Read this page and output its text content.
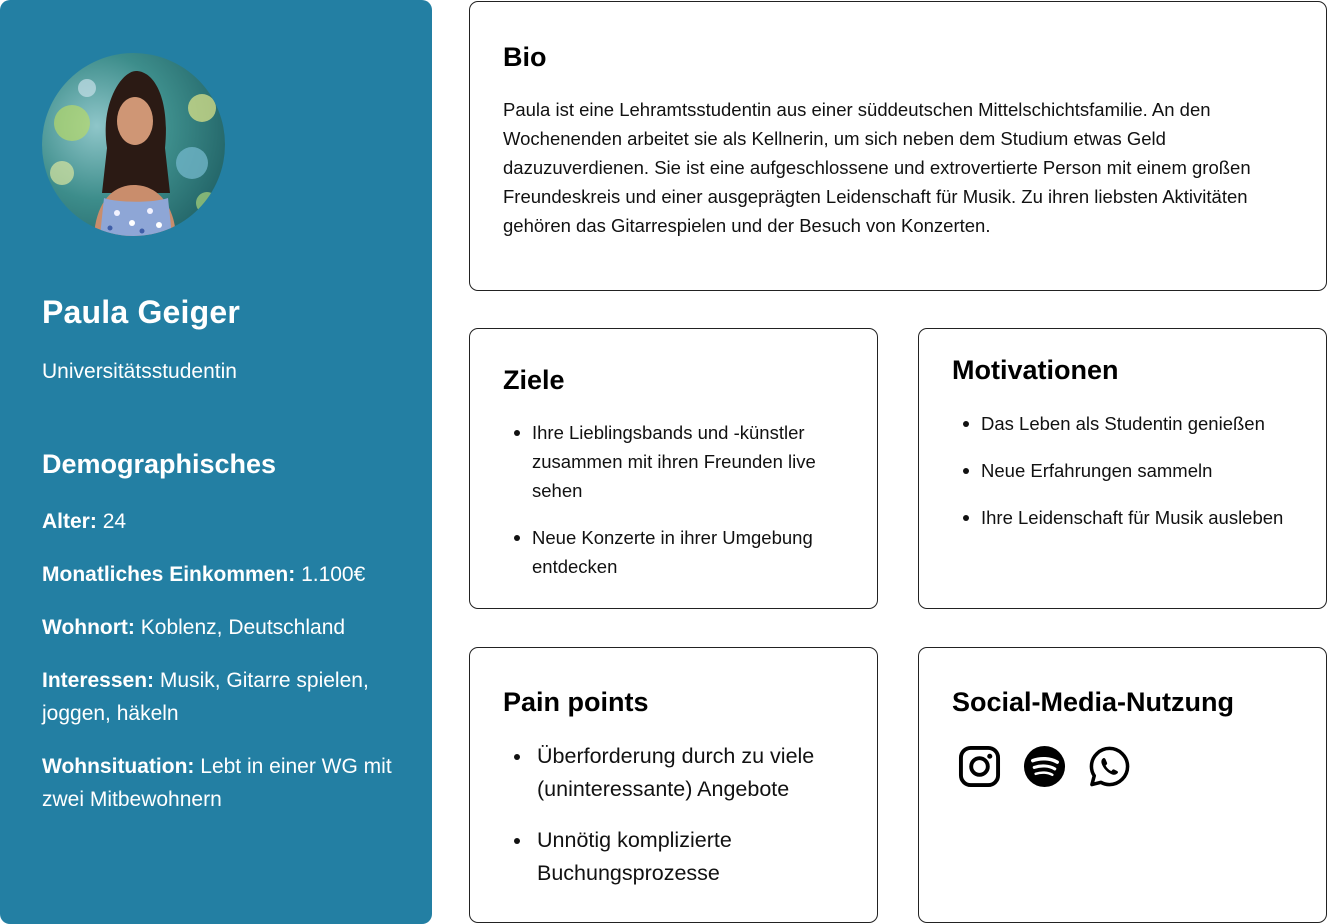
Paula Geiger
Universitätsstudentin
Demographisches
Alter: 24
Monatliches Einkommen: 1.100€
Wohnort: Koblenz, Deutschland
Interessen: Musik, Gitarre spielen, joggen, häkeln
Wohnsituation: Lebt in einer WG mit zwei Mitbewohnern
Bio
Paula ist eine Lehramtsstudentin aus einer süddeutschen Mittelschichtsfamilie. An den Wochenenden arbeitet sie als Kellnerin, um sich neben dem Studium etwas Geld dazuzuverdienen. Sie ist eine aufgeschlossene und extrovertierte Person mit einem großen Freundeskreis und einer ausgeprägten Leidenschaft für Musik. Zu ihren liebsten Aktivitäten gehören das Gitarrespielen und der Besuch von Konzerten.
Ziele
Ihre Lieblingsbands und -künstler zusammen mit ihren Freunden live sehen
Neue Konzerte in ihrer Umgebung entdecken
Motivationen
Das Leben als Studentin genießen
Neue Erfahrungen sammeln
Ihre Leidenschaft für Musik ausleben
Pain points
Überforderung durch zu viele (uninteressante) Angebote
Unnötig komplizierte Buchungsprozesse
Social-Media-Nutzung
